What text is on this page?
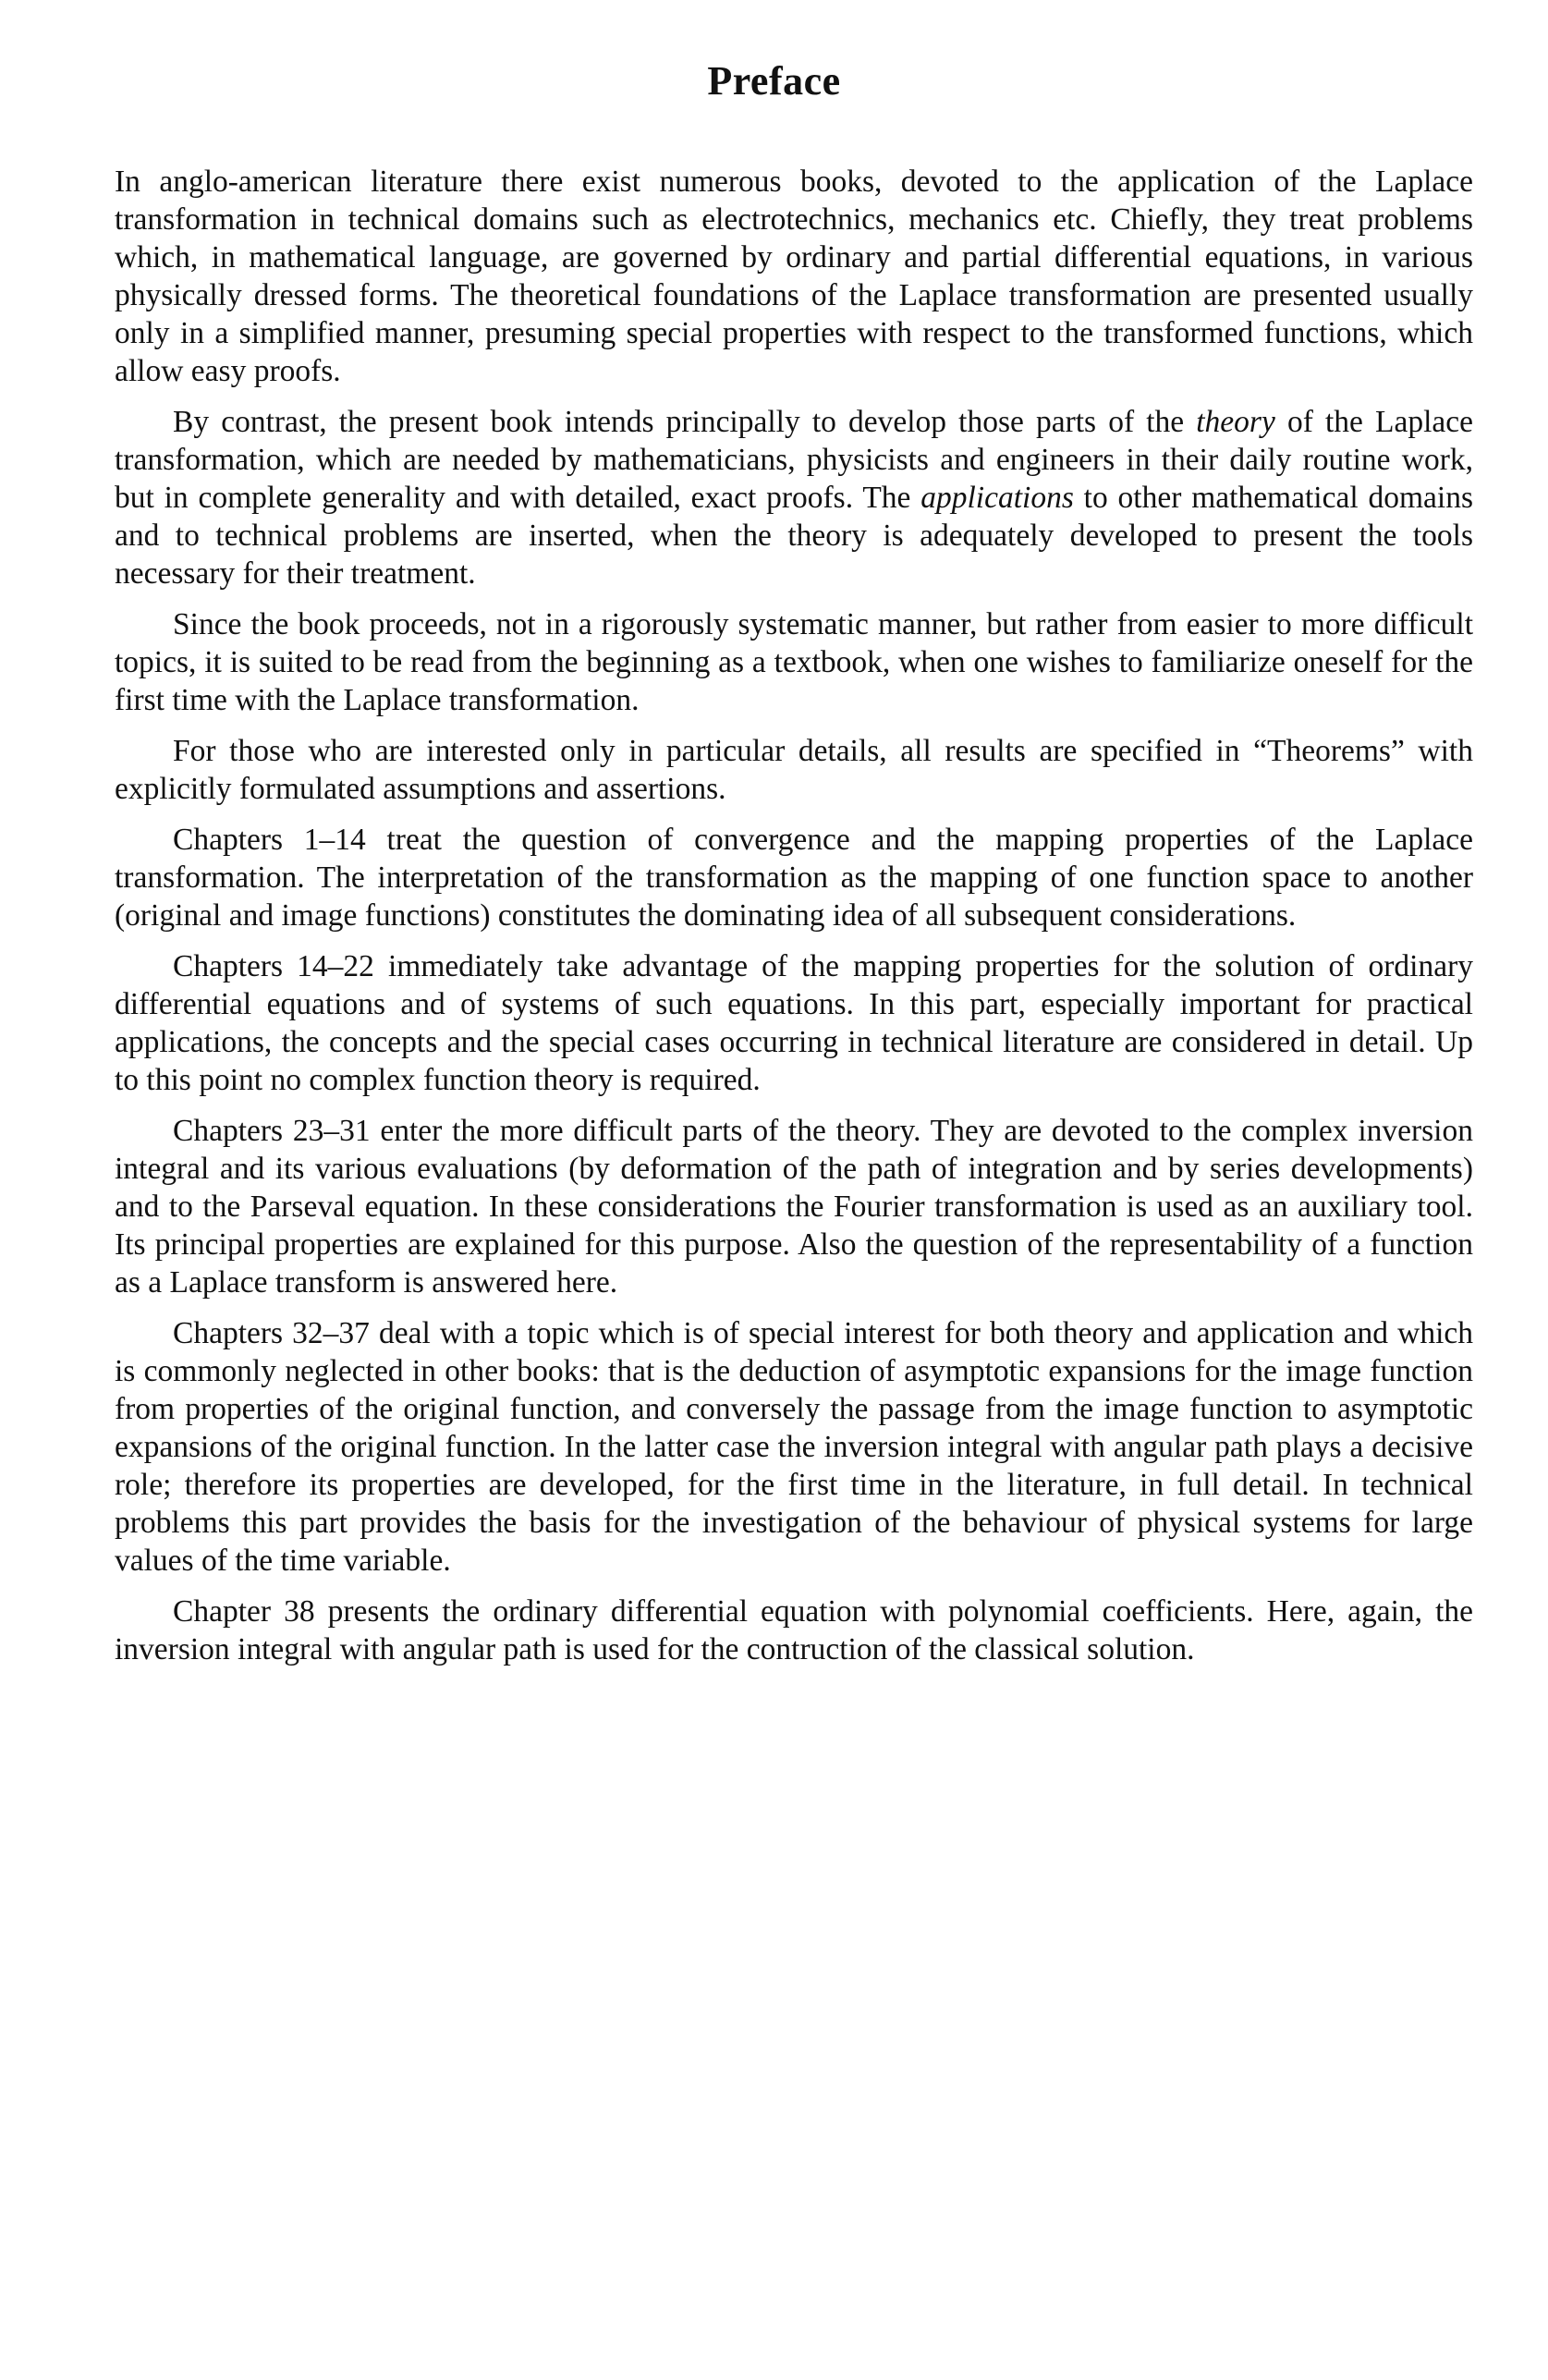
Preface

In anglo-american literature there exist numerous books, devoted to the application of the Laplace transformation in technical domains such as electrotechnics, mechanics etc. Chiefly, they treat problems which, in mathematical language, are governed by ordinary and partial differential equations, in various physically dressed forms. The theoretical foundations of the Laplace transformation are presented usually only in a simplified manner, presuming special properties with respect to the transformed functions, which allow easy proofs.

By contrast, the present book intends principally to develop those parts of the theory of the Laplace transformation, which are needed by mathematicians, physicists and engineers in their daily routine work, but in complete generality and with detailed, exact proofs. The applications to other mathematical domains and to technical problems are inserted, when the theory is adequately developed to present the tools necessary for their treatment.

Since the book proceeds, not in a rigorously systematic manner, but rather from easier to more difficult topics, it is suited to be read from the beginning as a textbook, when one wishes to familiarize oneself for the first time with the Laplace transformation.

For those who are interested only in particular details, all results are specified in “Theorems” with explicitly formulated assumptions and assertions.

Chapters 1–14 treat the question of convergence and the mapping properties of the Laplace transformation. The interpretation of the transformation as the mapping of one function space to another (original and image functions) constitutes the dominating idea of all subsequent considerations.

Chapters 14–22 immediately take advantage of the mapping properties for the solution of ordinary differential equations and of systems of such equations. In this part, especially important for practical applications, the concepts and the special cases occurring in technical literature are considered in detail. Up to this point no complex function theory is required.

Chapters 23–31 enter the more difficult parts of the theory. They are devoted to the complex inversion integral and its various evaluations (by deformation of the path of integration and by series developments) and to the Parseval equation. In these considerations the Fourier transformation is used as an auxiliary tool. Its principal properties are explained for this purpose. Also the question of the representability of a function as a Laplace transform is answered here.

Chapters 32–37 deal with a topic which is of special interest for both theory and application and which is commonly neglected in other books: that is the deduction of asymptotic expansions for the image function from properties of the original function, and conversely the passage from the image function to asymptotic expansions of the original function. In the latter case the inversion integral with angular path plays a decisive role; therefore its properties are developed, for the first time in the literature, in full detail. In technical problems this part provides the basis for the investigation of the behaviour of physical systems for large values of the time variable.

Chapter 38 presents the ordinary differential equation with polynomial coefficients. Here, again, the inversion integral with angular path is used for the contruction of the classical solution.
